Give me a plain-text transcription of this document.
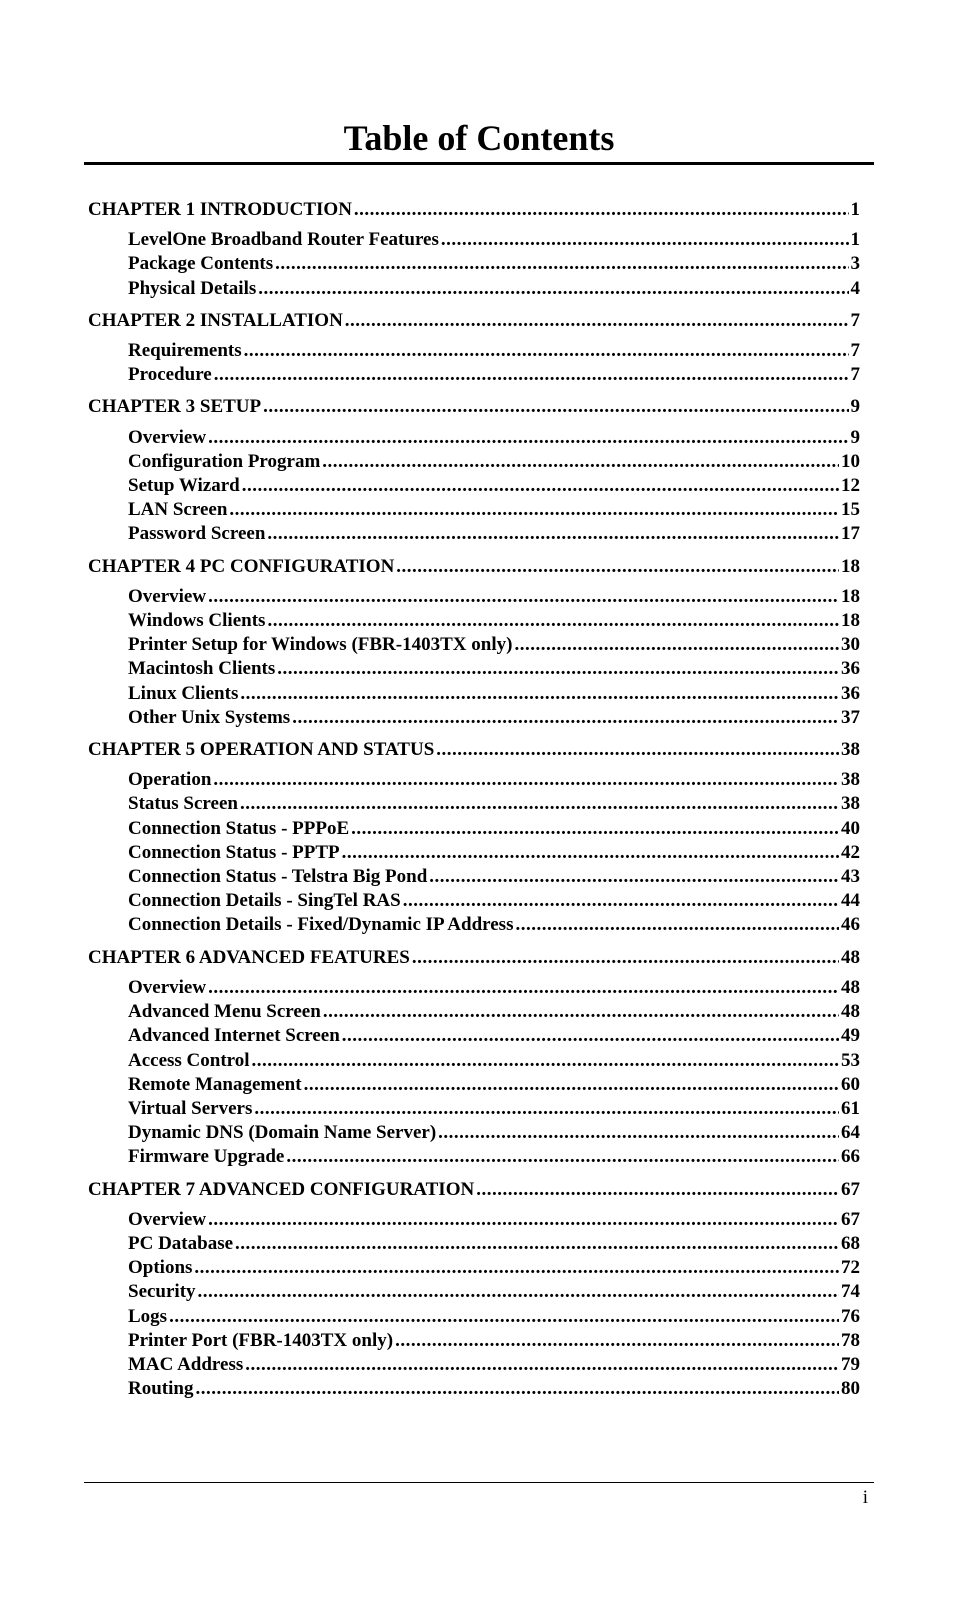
Table of Contents
CHAPTER 1 INTRODUCTION .....	1
LevelOne Broadband Router Features .....	1
Package Contents .....	3
Physical Details .....	4
CHAPTER 2 INSTALLATION .....	7
Requirements .....	7
Procedure .....	7
CHAPTER 3 SETUP .....	9
Overview .....	9
Configuration Program .....	10
Setup Wizard .....	12
LAN Screen .....	15
Password Screen .....	17
CHAPTER 4 PC CONFIGURATION .....	18
Overview .....	18
Windows Clients .....	18
Printer Setup for Windows (FBR-1403TX only) .....	30
Macintosh Clients .....	36
Linux Clients .....	36
Other Unix Systems .....	37
CHAPTER 5 OPERATION AND STATUS .....	38
Operation .....	38
Status Screen .....	38
Connection Status - PPPoE .....	40
Connection Status - PPTP .....	42
Connection Status - Telstra Big Pond .....	43
Connection Details - SingTel RAS .....	44
Connection Details - Fixed/Dynamic IP Address .....	46
CHAPTER 6 ADVANCED FEATURES .....	48
Overview .....	48
Advanced Menu Screen .....	48
Advanced Internet Screen .....	49
Access Control .....	53
Remote Management .....	60
Virtual Servers .....	61
Dynamic DNS (Domain Name Server) .....	64
Firmware Upgrade .....	66
CHAPTER 7 ADVANCED CONFIGURATION .....	67
Overview .....	67
PC Database .....	68
Options .....	72
Security .....	74
Logs .....	76
Printer Port (FBR-1403TX only) .....	78
MAC Address .....	79
Routing .....	80
i
